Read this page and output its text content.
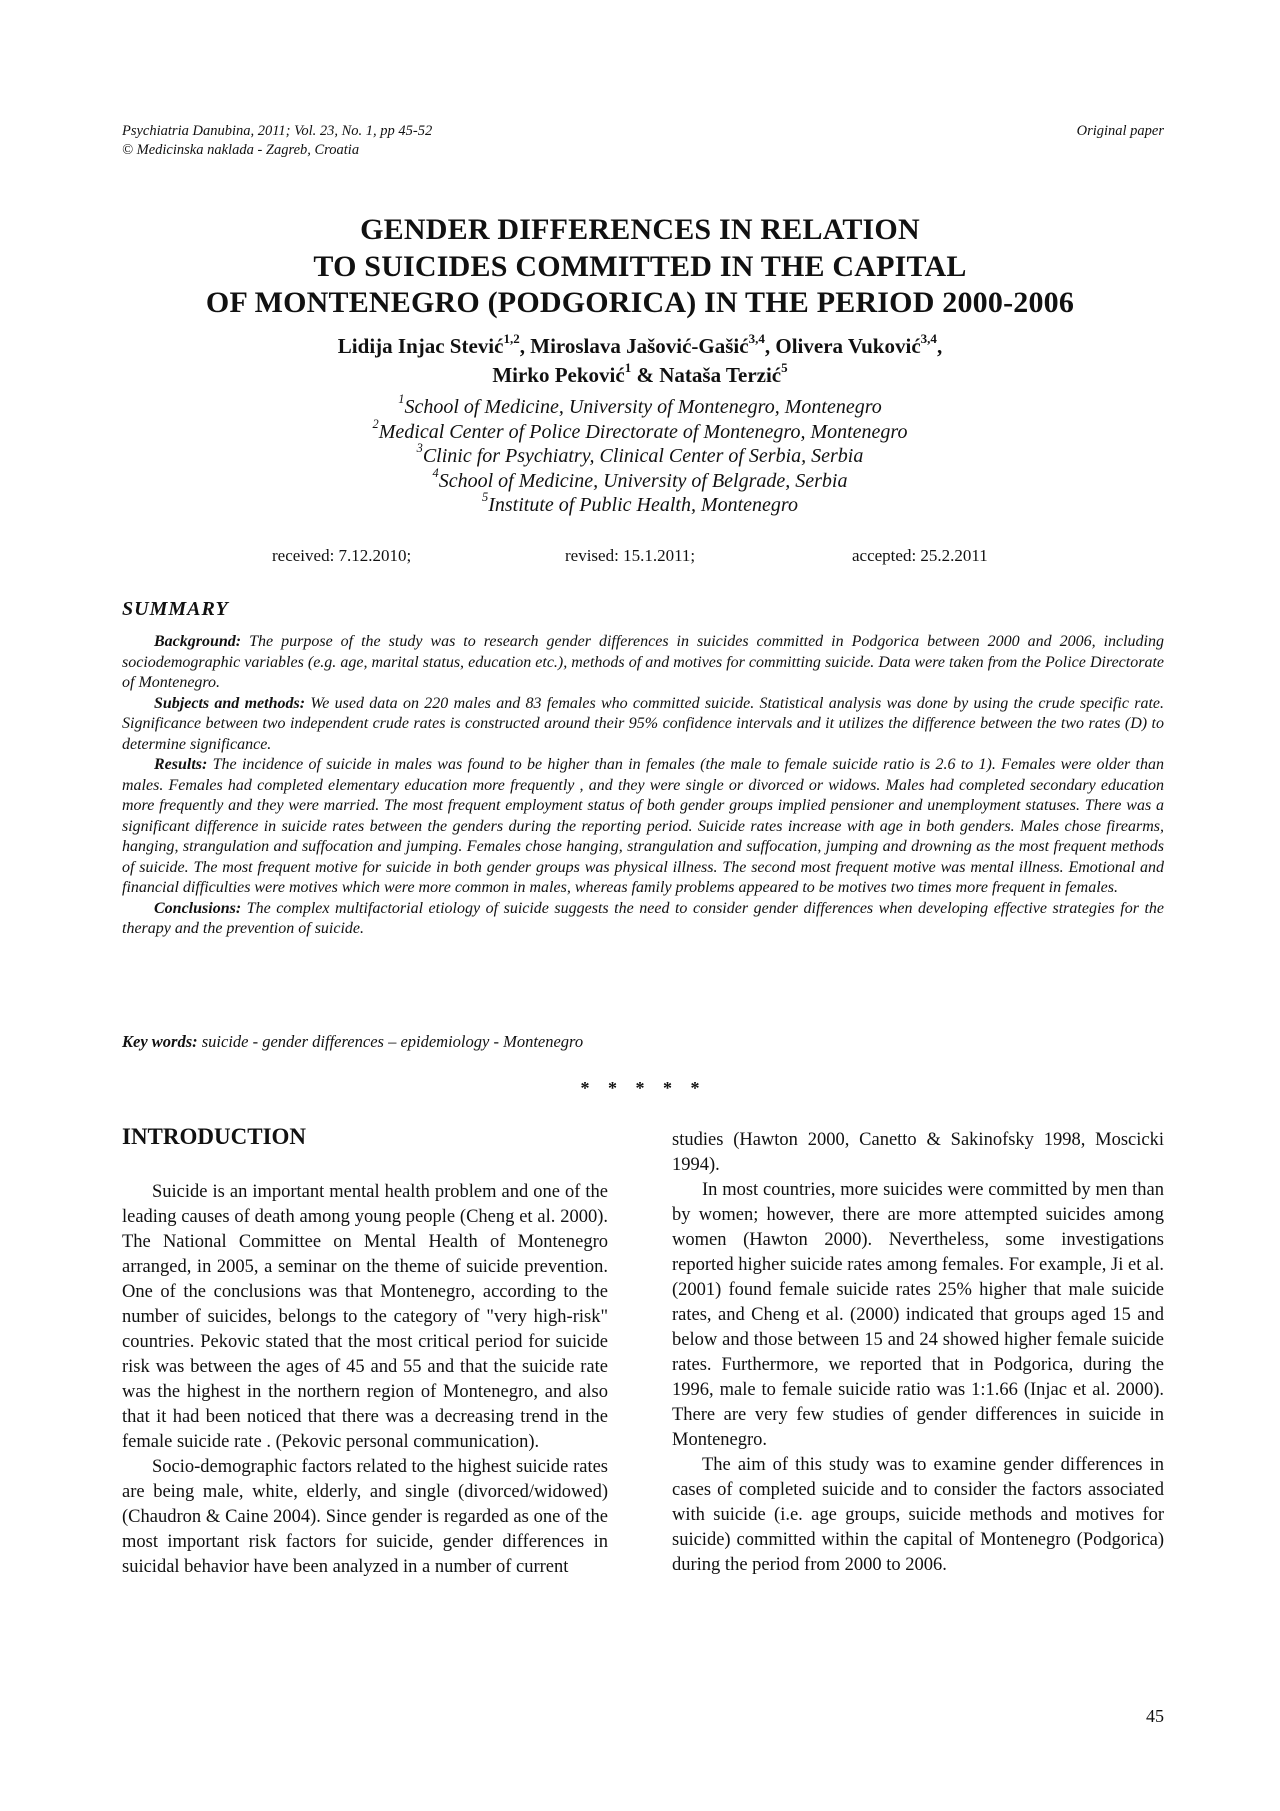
Psychiatria Danubina, 2011; Vol. 23, No. 1, pp 45-52
© Medicinska naklada - Zagreb, Croatia
Original paper
GENDER DIFFERENCES IN RELATION
TO SUICIDES COMMITTED IN THE CAPITAL
OF MONTENEGRO (PODGORICA) IN THE PERIOD 2000-2006
Lidija Injac Stević$^{1,2}$, Miroslava Jašović-Gašić$^{3,4}$, Olivera Vuković$^{3,4}$,
Mirko Peković$^1$ & Nataša Terzić$^5$
$^1$School of Medicine, University of Montenegro, Montenegro
$^2$Medical Center of Police Directorate of Montenegro, Montenegro
$^3$Clinic for Psychiatry, Clinical Center of Serbia, Serbia
$^4$School of Medicine, University of Belgrade, Serbia
$^5$Institute of Public Health, Montenegro
received: 7.12.2010;	revised: 15.1.2011;	accepted: 25.2.2011
SUMMARY

Background: The purpose of the study was to research gender differences in suicides committed in Podgorica between 2000 and 2006, including sociodemographic variables (e.g. age, marital status, education etc.), methods of and motives for committing suicide. Data were taken from the Police Directorate of Montenegro.

Subjects and methods: We used data on 220 males and 83 females who committed suicide. Statistical analysis was done by using the crude specific rate. Significance between two independent crude rates is constructed around their 95% confidence intervals and it utilizes the difference between the two rates (D) to determine significance.

Results: The incidence of suicide in males was found to be higher than in females (the male to female suicide ratio is 2.6 to 1). Females were older than males. Females had completed elementary education more frequently , and they were single or divorced or widows. Males had completed secondary education more frequently and they were married. The most frequent employment status of both gender groups implied pensioner and unemployment statuses. There was a significant difference in suicide rates between the genders during the reporting period. Suicide rates increase with age in both genders. Males chose firearms, hanging, strangulation and suffocation and jumping. Females chose hanging, strangulation and suffocation, jumping and drowning as the most frequent methods of suicide. The most frequent motive for suicide in both gender groups was physical illness. The second most frequent motive was mental illness. Emotional and financial difficulties were motives which were more common in males, whereas family problems appeared to be motives two times more frequent in females.

Conclusions: The complex multifactorial etiology of suicide suggests the need to consider gender differences when developing effective strategies for the therapy and the prevention of suicide.

Key words: suicide - gender differences – epidemiology - Montenegro
* * * * *
INTRODUCTION

Suicide is an important mental health problem and one of the leading causes of death among young people (Cheng et al. 2000). The National Committee on Mental Health of Montenegro arranged, in 2005, a seminar on the theme of suicide prevention. One of the conclusions was that Montenegro, according to the number of suicides, belongs to the category of "very high-risk" countries. Pekovic stated that the most critical period for suicide risk was between the ages of 45 and 55 and that the suicide rate was the highest in the northern region of Montenegro, and also that it had been noticed that there was a decreasing trend in the female suicide rate . (Pekovic personal communication).

Socio-demographic factors related to the highest suicide rates are being male, white, elderly, and single (divorced/widowed) (Chaudron & Caine 2004). Since gender is regarded as one of the most important risk factors for suicide, gender differences in suicidal behavior have been analyzed in a number of current

studies (Hawton 2000, Canetto & Sakinofsky 1998, Moscicki 1994).

In most countries, more suicides were committed by men than by women; however, there are more attempted suicides among women (Hawton 2000). Nevertheless, some investigations reported higher suicide rates among females. For example, Ji et al. (2001) found female suicide rates 25% higher that male suicide rates, and Cheng et al. (2000) indicated that groups aged 15 and below and those between 15 and 24 showed higher female suicide rates. Furthermore, we reported that in Podgorica, during the 1996, male to female suicide ratio was 1:1.66 (Injac et al. 2000). There are very few studies of gender differences in suicide in Montenegro.

The aim of this study was to examine gender differences in cases of completed suicide and to consider the factors associated with suicide (i.e. age groups, suicide methods and motives for suicide) committed within the capital of Montenegro (Podgorica) during the period from 2000 to 2006.

45
